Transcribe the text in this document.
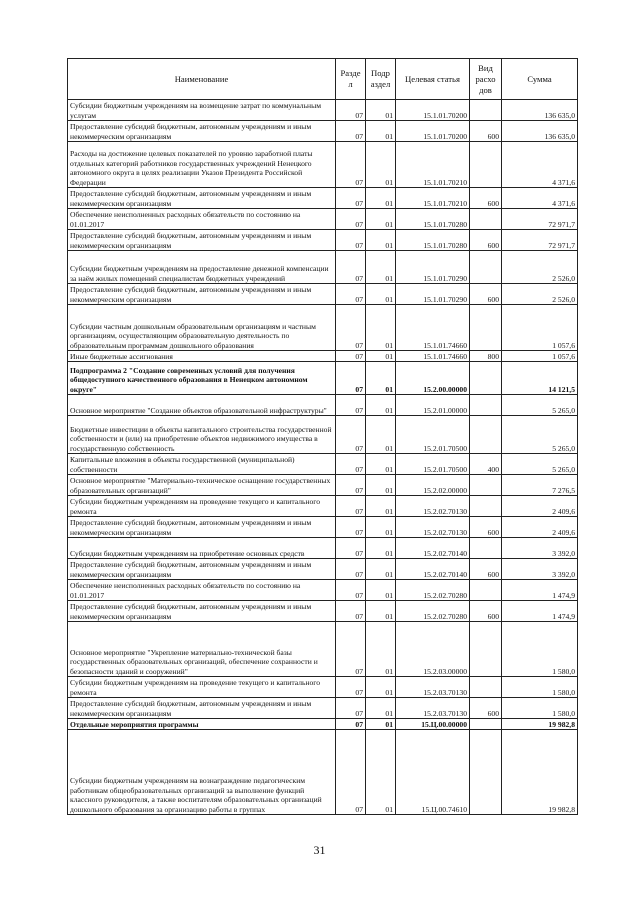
Наименование	Разде л	Подр аздел	Целевая статья	Вид расхо дов	Сумма
Субсидии бюджетным учреждениям на возмещение затрат по коммунальным услугам	07	01	15.1.01.70200		136 635,0
Предоставление субсидий бюджетным, автономным учреждениям и иным некоммерческим организациям	07	01	15.1.01.70200	600	136 635,0
Расходы на достижение целевых показателей по уровню заработной платы отдельных категорий работников государственных учреждений Ненецкого автономного округа в целях реализации Указов Президента Российской Федерации	07	01	15.1.01.70210		4 371,6
Предоставление субсидий бюджетным, автономным учреждениям и иным некоммерческим организациям	07	01	15.1.01.70210	600	4 371,6
Обеспечение неисполненных расходных обязательств по состоянию на 01.01.2017	07	01	15.1.01.70280		72 971,7
Предоставление субсидий бюджетным, автономным учреждениям и иным некоммерческим организациям	07	01	15.1.01.70280	600	72 971,7
Субсидии бюджетным учреждениям на предоставление денежной компенсации за наём жилых помещений специалистам бюджетных учреждений	07	01	15.1.01.70290		2 526,0
Предоставление субсидий бюджетным, автономным учреждениям и иным некоммерческим организациям	07	01	15.1.01.70290	600	2 526,0
Субсидии частным дошкольным образовательным организациям и частным организациям, осуществляющим образовательную деятельность по образовательным программам дошкольного образования	07	01	15.1.01.74660		1 057,6
Иные бюджетные ассигнования	07	01	15.1.01.74660	800	1 057,6
Подпрограмма 2 "Создание современных условий для получения общедоступного качественного образования в Ненецком автономном округе"	07	01	15.2.00.00000		14 121,5
Основное мероприятие "Создание объектов образовательной инфраструктуры"	07	01	15.2.01.00000		5 265,0
Бюджетные инвестиции в объекты капитального строительства государственной собственности и (или) на приобретение объектов недвижимого имущества в государственную собственность	07	01	15.2.01.70500		5 265,0
Капитальные вложения в объекты государственной (муниципальной) собственности	07	01	15.2.01.70500	400	5 265,0
Основное мероприятие "Материально-техническое оснащение государственных образовательных организаций"	07	01	15.2.02.00000		7 276,5
Субсидии бюджетным учреждениям на проведение текущего и капитального ремонта	07	01	15.2.02.70130		2 409,6
Предоставление субсидий бюджетным, автономным учреждениям и иным некоммерческим организациям	07	01	15.2.02.70130	600	2 409,6
Субсидии бюджетным учреждениям на приобретение основных средств	07	01	15.2.02.70140		3 392,0
Предоставление субсидий бюджетным, автономным учреждениям и иным некоммерческим организациям	07	01	15.2.02.70140	600	3 392,0
Обеспечение неисполненных расходных обязательств по состоянию на 01.01.2017	07	01	15.2.02.70280		1 474,9
Предоставление субсидий бюджетным, автономным учреждениям и иным некоммерческим организациям	07	01	15.2.02.70280	600	1 474,9
Основное мероприятие "Укрепление материально-технической базы государственных образовательных организаций, обеспечение сохранности и безопасности зданий и сооружений"	07	01	15.2.03.00000		1 580,0
Субсидии бюджетным учреждениям на проведение текущего и капитального ремонта	07	01	15.2.03.70130		1 580,0
Предоставление субсидий бюджетным, автономным учреждениям и иным некоммерческим организациям	07	01	15.2.03.70130	600	1 580,0
Отдельные мероприятия программы	07	01	15.Ц.00.00000		19 982,8
Субсидии бюджетным учреждениям на вознаграждение педагогическим работникам общеобразовательных организаций за выполнение функций классного руководителя, а также воспитателям образовательных организаций дошкольного образования за организацию работы в группах	07	01	15.Ц.00.74610		19 982,8
31
